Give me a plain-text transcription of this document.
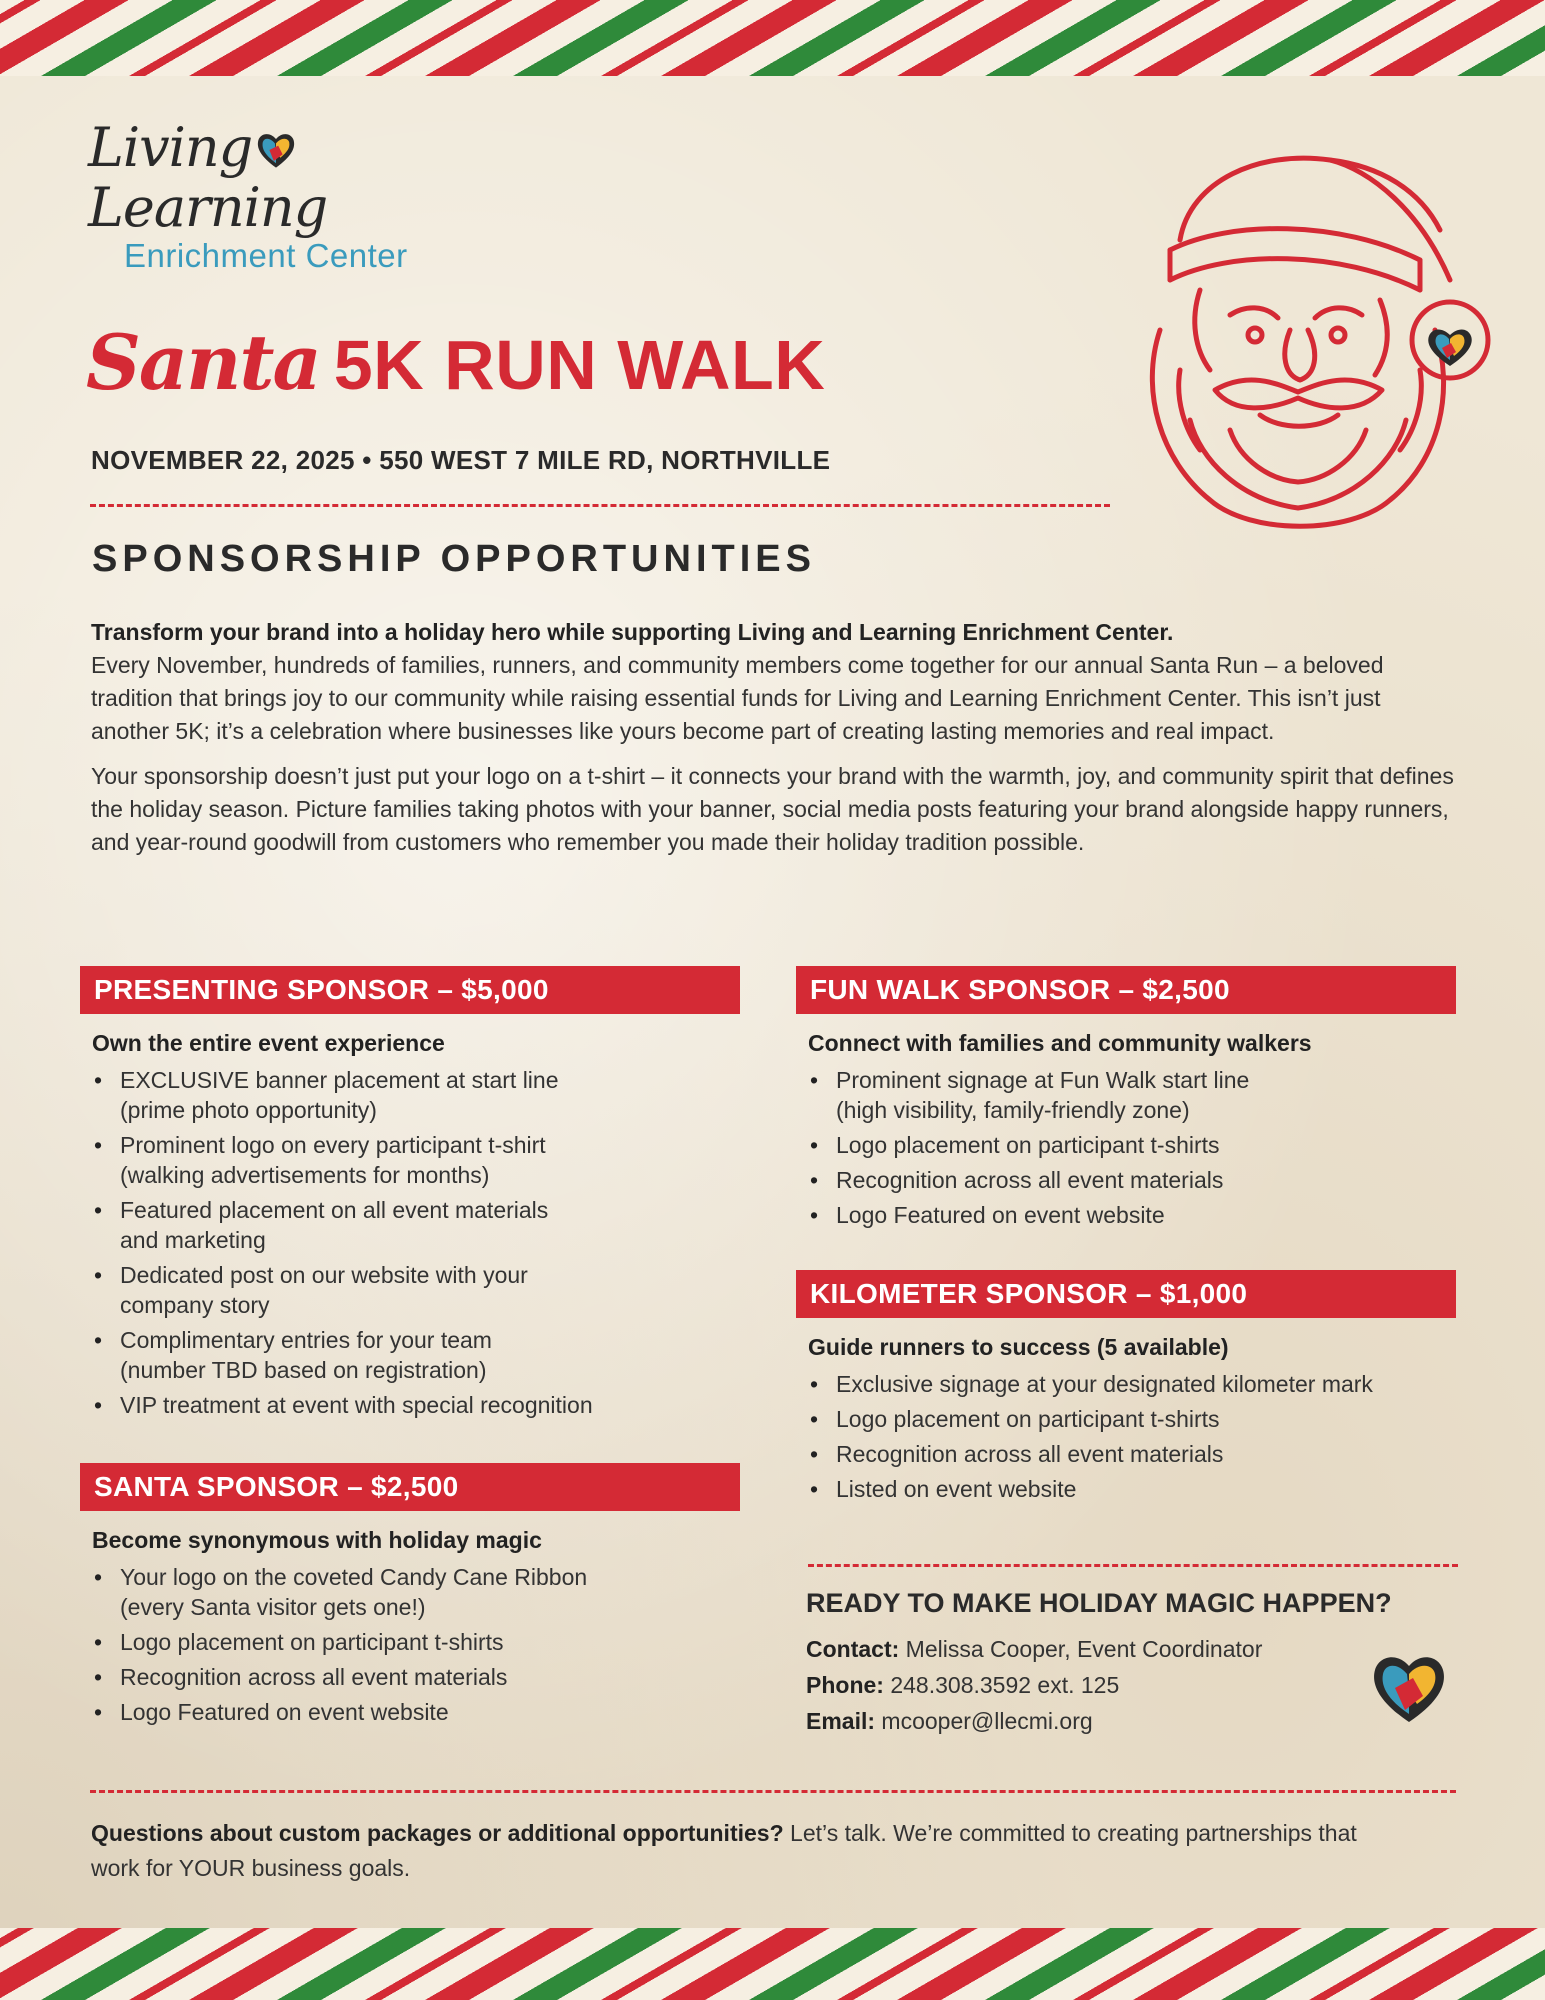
LivingLearning
Enrichment Center
Santa 5K RUN WALK
NOVEMBER 22, 2025 • 550 WEST 7 MILE RD, NORTHVILLE
SPONSORSHIP OPPORTUNITIES

Transform your brand into a holiday hero while supporting Living and Learning Enrichment Center.
Every November, hundreds of families, runners, and community members come together for our annual Santa Run – a beloved tradition that brings joy to our community while raising essential funds for Living and Learning Enrichment Center. This isn’t just another 5K; it’s a celebration where businesses like yours become part of creating lasting memories and real impact.

Your sponsorship doesn’t just put your logo on a t-shirt – it connects your brand with the warmth, joy, and community spirit that defines the holiday season. Picture families taking photos with your banner, social media posts featuring your brand alongside happy runners, and year-round goodwill from customers who remember you made their holiday tradition possible.

PRESENTING SPONSOR – $5,000
Own the entire event experience
• EXCLUSIVE banner placement at start line
(prime photo opportunity)
• Prominent logo on every participant t-shirt
(walking advertisements for months)
• Featured placement on all event materials
and marketing
• Dedicated post on our website with your
company story
• Complimentary entries for your team
(number TBD based on registration)
• VIP treatment at event with special recognition
SANTA SPONSOR – $2,500
Become synonymous with holiday magic
• Your logo on the coveted Candy Cane Ribbon
(every Santa visitor gets one!)
• Logo placement on participant t-shirts
• Recognition across all event materials
• Logo Featured on event website
FUN WALK SPONSOR – $2,500
Connect with families and community walkers
• Prominent signage at Fun Walk start line
(high visibility, family-friendly zone)
• Logo placement on participant t-shirts
• Recognition across all event materials
• Logo Featured on event website
KILOMETER SPONSOR – $1,000
Guide runners to success (5 available)
• Exclusive signage at your designated kilometer mark
• Logo placement on participant t-shirts
• Recognition across all event materials
• Listed on event website
READY TO MAKE HOLIDAY MAGIC HAPPEN?
Contact: Melissa Cooper, Event Coordinator
Phone: 248.308.3592 ext. 125
Email: mcooper@llecmi.org
Questions about custom packages or additional opportunities? Let’s talk. We’re committed to creating partnerships that work for YOUR business goals.
